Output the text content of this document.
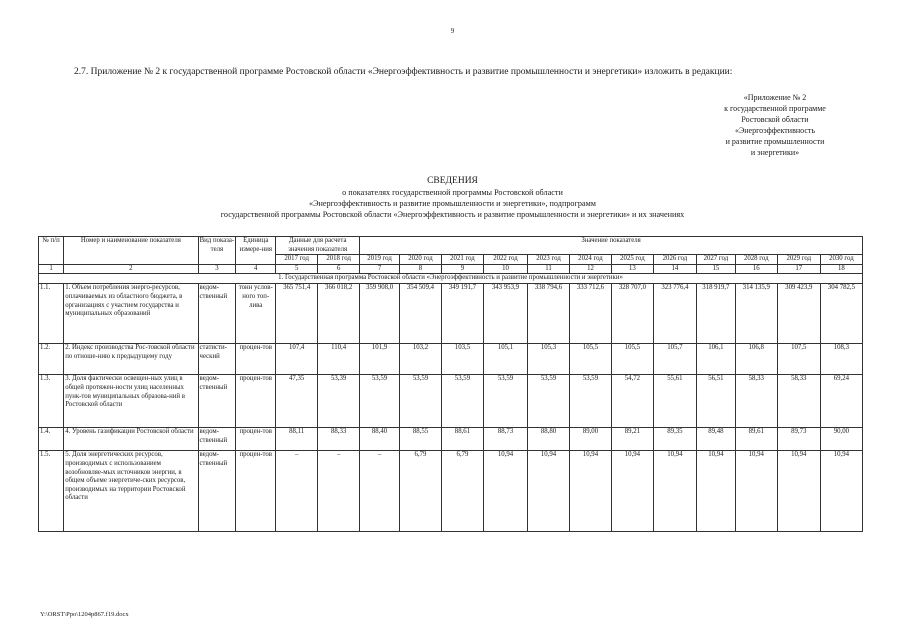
9
2.7. Приложение № 2 к государственной программе Ростовской области «Энергоэффективность и развитие промышленности и энергетики» изложить в редакции:
«Приложение № 2
к государственной программе
Ростовской области
«Энергоэффективность
и развитие промышленности
и энергетики»
СВЕДЕНИЯ
о показателях государственной программы Ростовской области
«Энергоэффективность и развитие промышленности и энергетики», подпрограмм
государственной программы Ростовской области «Энергоэффективность и развитие промышленности и энергетики» и их значениях
№ п/п	Номер и наименование показателя	Вид показа-теля	Единица измере-ния	Данные для расчета значения показателя		Значение показателя											
				2017 год	2018 год	2019 год	2020 год	2021 год	2022 год	2023 год	2024 год	2025 год	2026 год	2027 год	2028 год	2029 год	2030 год
1	2	3	4	5	6	7	8	9	10	11	12	13	14	15	16	17	18
1. Государственная программа Ростовской области «Энергоэффективность и развитие промышленности и энергетики»																	
1.1.	1. Объем потребления энерго-ресурсов, оплачиваемых из областного бюджета, в организациях с участием государства и муниципальных образований	ведом-ственный	тонн услов-ного топ-лива	365 751,4	366 018,2	359 908,0	354 509,4	349 191,7	343 953,9	338 794,6	333 712,6	328 707,0	323 776,4	318 919,7	314 135,9	309 423,9	304 782,5
1.2.	2. Индекс производства Рос-товской области по отноше-нию к предыдущему году	статисти-ческий	процен-тов	107,4	110,4	101,9	103,2	103,5	105,1	105,3	105,5	105,5	105,7	106,1	106,8	107,5	108,3
1.3.	3. Доля фактически освещен-ных улиц в общей протяжен-ности улиц населенных пунк-тов муниципальных образова-ний в Ростовской области	ведом-ственный	процен-тов	47,35	53,39	53,59	53,59	53,59	53,59	53,59	53,59	54,72	55,61	56,51	58,33	58,33	69,24
1.4.	4. Уровень газификации Ростовской области	ведом-ственный	процен-тов	88,11	88,33	88,40	88,55	88,61	88,73	88,80	89,00	89,21	89,35	89,48	89,61	89,73	90,00
1.5.	5. Доля энергетических ресурсов, производимых с использованием возобновляе-мых источников энергии, в общем объеме энергетиче-ских ресурсов, производимых на территории Ростовской области	ведом-ственный	процен-тов	–	–	–	6,79	6,79	10,94	10,94	10,94	10,94	10,94	10,94	10,94	10,94	10,94
Y:\ORST\Ppo\1204p867.f19.docx
